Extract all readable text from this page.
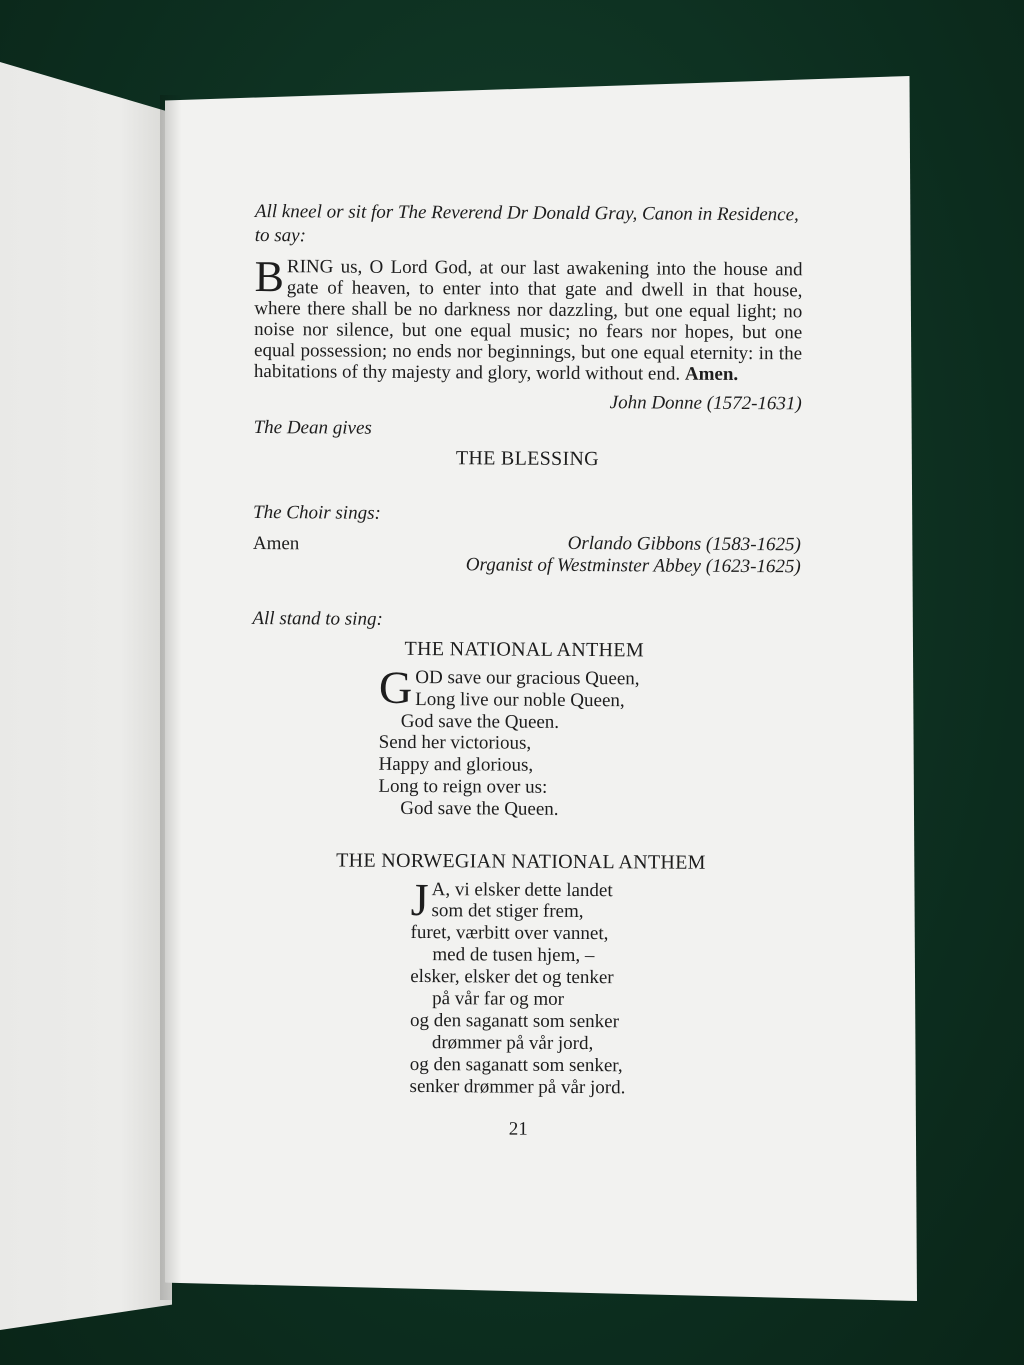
All kneel or sit for The Reverend Dr Donald Gray, Canon in Residence, to say:
BRING us, O Lord God, at our last awakening into the house and gate of heaven, to enter into that gate and dwell in that house, where there shall be no darkness nor dazzling, but one equal light; no noise nor silence, but one equal music; no fears nor hopes, but one equal possession; no ends nor beginnings, but one equal eternity: in the habitations of thy majesty and glory, world without end. Amen.
John Donne (1572-1631)
The Dean gives
THE BLESSING
The Choir sings:
Amen	Orlando Gibbons (1583-1625)
Organist of Westminster Abbey (1623-1625)
All stand to sing:
THE NATIONAL ANTHEM
GOD save our gracious Queen,
Long live our noble Queen,
God save the Queen.
Send her victorious,
Happy and glorious,
Long to reign over us:
God save the Queen.
THE NORWEGIAN NATIONAL ANTHEM
J A, vi elsker dette landet
som det stiger frem,
furet, værbitt over vannet,
med de tusen hjem, –
elsker, elsker det og tenker
på vår far og mor
og den saganatt som senker
drømmer på vår jord,
og den saganatt som senker,
senker drømmer på vår jord.
21
